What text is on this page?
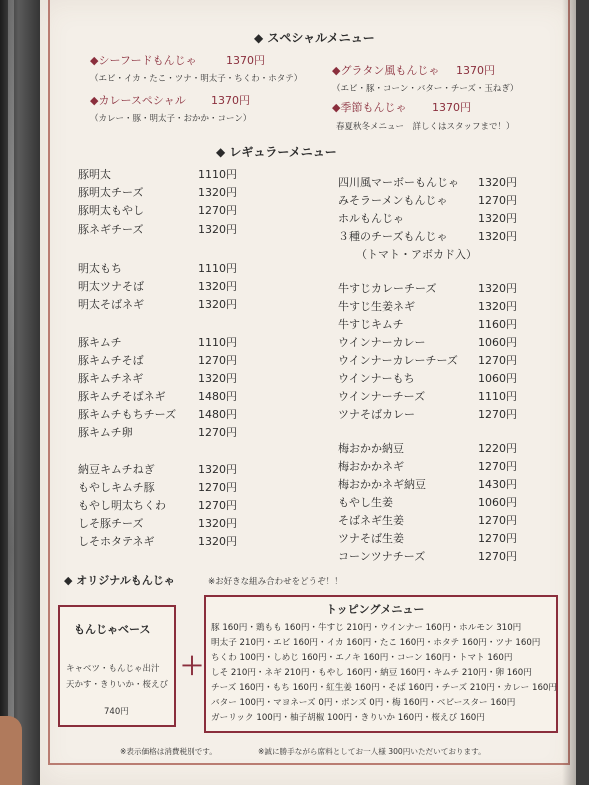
◆ スペシャルメニュー
◆シーフードもんじゃ	1370円
（エビ・イカ・たこ・ツナ・明太子・ちくわ・ホタテ）
◆カレースペシャル 1370円
（カレー・豚・明太子・おかか・コーン）
◆グラタン風もんじゃ 1370円
（エビ・豚・コーン・バター・チーズ・玉ねぎ）
◆季節もんじゃ 1370円
春夏秋冬メニュー　詳しくはスタッフまで！）
◆ レギュラーメニュー
豚明太	1110円
豚明太チーズ	1320円
豚明太もやし	1270円
豚ネギチーズ	1320円
明太もち	1110円
明太ツナそば	1320円
明太そばネギ	1320円
豚キムチ	1110円
豚キムチそば	1270円
豚キムチネギ	1320円
豚キムチそばネギ	1480円
豚キムチもちチーズ 1480円
豚キムチ卵	1270円
納豆キムチねぎ	1320円
もやしキムチ豚	1270円
もやし明太ちくわ	1270円
しそ豚チーズ	1320円
しそホタテネギ	1320円
四川風マーボーもんじゃ 1320円
みそラーメンもんじゃ	1270円
ホルもんじゃ	1320円
３種のチーズもんじゃ	1320円
（トマト・アボカド入）
牛すじカレーチーズ	1320円
牛すじ生姜ネギ	1320円
牛すじキムチ	1160円
ウインナーカレー	1060円
ウインナーカレーチーズ 1270円
ウインナーもち	1060円
ウインナーチーズ	1110円
ツナそばカレー	1270円
梅おかか納豆	1220円
梅おかかネギ	1270円
梅おかかネギ納豆	1430円
もやし生姜	1060円
そばネギ生姜	1270円
ツナそば生姜	1270円
コーンツナチーズ	1270円
◆ オリジナルもんじゃ	※お好きな組み合わせをどうぞ！！
もんじゃベース
キャベツ・もんじゃ出汁
天かす・きりいか・桜えび
740円
＋
トッピングメニュー
豚 160円・鶏もも 160円・牛すじ 210円・ウインナー 160円・ホルモン 310円
明太子 210円・エビ 160円・イカ 160円・たこ 160円・ホタテ 160円・ツナ 160円
ちくわ 100円・しめじ 160円・エノキ 160円・コーン 160円・トマト 160円
しそ 210円・ネギ 210円・もやし 160円・納豆 160円・キムチ 210円・卵 160円
チーズ 160円・もち 160円・紅生姜 160円・そば 160円・チーズ 210円・カレー 160円
バター 100円・マヨネーズ 0円・ポンズ 0円・梅 160円・ベビースター 160円
ガーリック 100円・柚子胡椒 100円・きりいか 160円・桜えび 160円
※表示価格は消費税別です。	※誠に勝手ながら席料としてお一人様 300円いただいております。
